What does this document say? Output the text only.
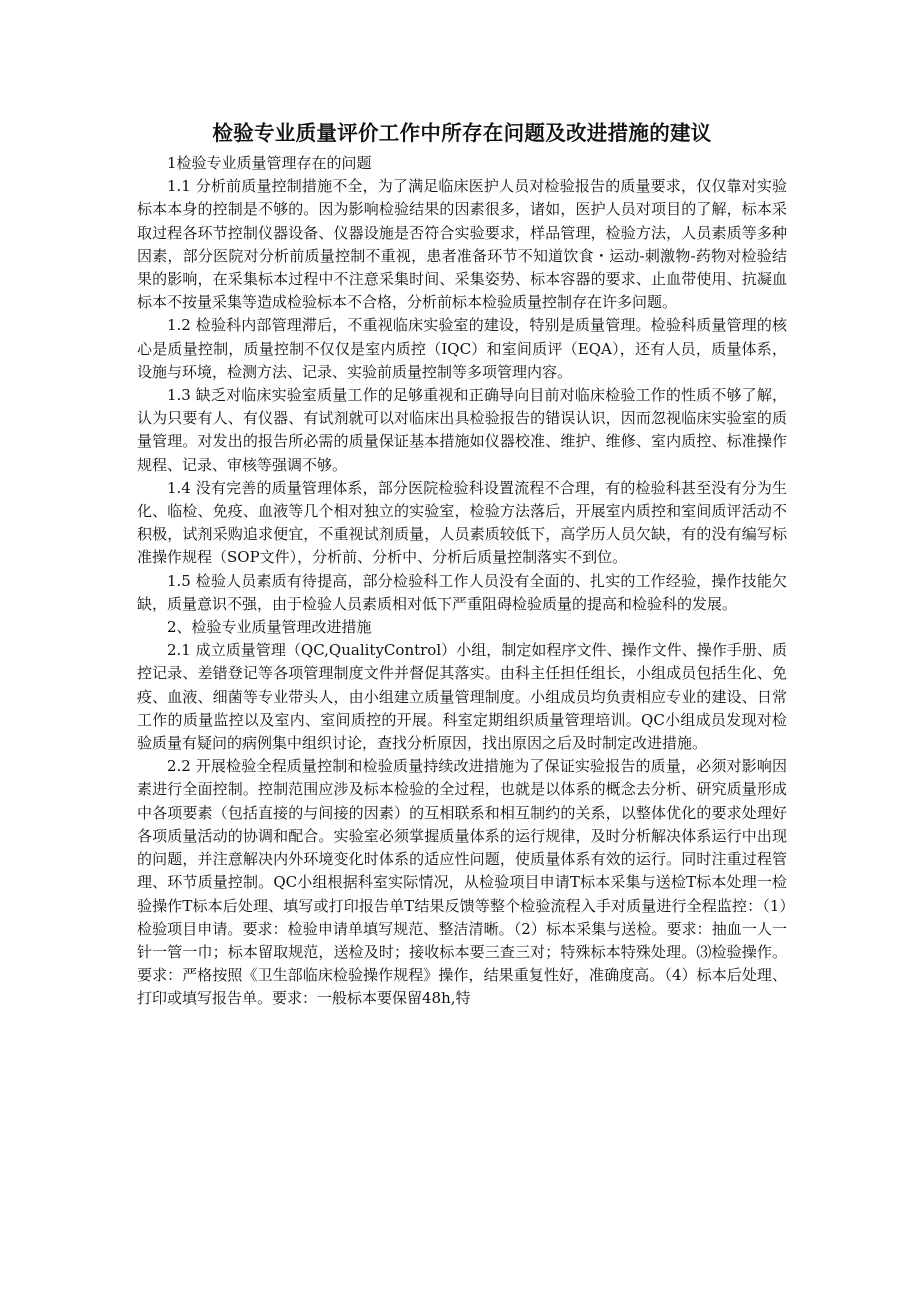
检验专业质量评价工作中所存在问题及改进措施的建议

1检验专业质量管理存在的问题

1.1 分析前质量控制措施不全，为了满足临床医护人员对检验报告的质量要求，仅仅靠对实验标本本身的控制是不够的。因为影响检验结果的因素很多，诸如，医护人员对项目的了解，标本采取过程各环节控制仪器设备、仪器设施是否符合实验要求，样品管理，检验方法，人员素质等多种因素，部分医院对分析前质量控制不重视，患者准备环节不知道饮食・运动-刺激物-药物对检验结果的影响，在采集标本过程中不注意采集时间、采集姿势、标本容器的要求、止血带使用、抗凝血标本不按量采集等造成检验标本不合格，分析前标本检验质量控制存在许多问题。

1.2 检验科内部管理滞后，不重视临床实验室的建设，特别是质量管理。检验科质量管理的核心是质量控制，质量控制不仅仅是室内质控（IQC）和室间质评（EQA），还有人员，质量体系，设施与环境，检测方法、记录、实验前质量控制等多项管理内容。

1.3 缺乏对临床实验室质量工作的足够重视和正确导向目前对临床检验工作的性质不够了解，认为只要有人、有仪器、有试剂就可以对临床出具检验报告的错误认识，因而忽视临床实验室的质量管理。对发出的报告所必需的质量保证基本措施如仪器校准、维护、维修、室内质控、标准操作规程、记录、审核等强调不够。

1.4 没有完善的质量管理体系，部分医院检验科设置流程不合理，有的检验科甚至没有分为生化、临检、免疫、血液等几个相对独立的实验室，检验方法落后，开展室内质控和室间质评活动不积极，试剂采购追求便宜，不重视试剂质量，人员素质较低下，高学历人员欠缺，有的没有编写标准操作规程（SOP文件），分析前、分析中、分析后质量控制落实不到位。

1.5 检验人员素质有待提高，部分检验科工作人员没有全面的、扎实的工作经验，操作技能欠缺，质量意识不强，由于检验人员素质相对低下严重阻碍检验质量的提高和检验科的发展。

2、检验专业质量管理改进措施

2.1 成立质量管理（QC,QualityControl）小组，制定如程序文件、操作文件、操作手册、质控记录、差错登记等各项管理制度文件并督促其落实。由科主任担任组长，小组成员包括生化、免疫、血液、细菌等专业带头人，由小组建立质量管理制度。小组成员均负责相应专业的建设、日常工作的质量监控以及室内、室间质控的开展。科室定期组织质量管理培训。QC小组成员发现对检验质量有疑问的病例集中组织讨论，查找分析原因，找出原因之后及时制定改进措施。

2.2 开展检验全程质量控制和检验质量持续改进措施为了保证实验报告的质量，必须对影响因素进行全面控制。控制范围应涉及标本检验的全过程，也就是以体系的概念去分析、研究质量形成中各项要素（包括直接的与间接的因素）的互相联系和相互制约的关系，以整体优化的要求处理好各项质量活动的协调和配合。实验室必须掌握质量体系的运行规律，及时分析解决体系运行中出现的问题，并注意解决内外环境变化时体系的适应性问题，使质量体系有效的运行。同时注重过程管理、环节质量控制。QC小组根据科室实际情况，从检验项目申请T标本采集与送检T标本处理一检验操作T标本后处理、填写或打印报告单T结果反馈等整个检验流程入手对质量进行全程监控：（1）检验项目申请。要求：检验申请单填写规范、整洁清晰。（2）标本采集与送检。要求：抽血一人一针一管一巾；标本留取规范，送检及时；接收标本要三查三对；特殊标本特殊处理。⑶检验操作。要求：严格按照《卫生部临床检验操作规程》操作，结果重复性好，准确度高。（4）标本后处理、打印或填写报告单。要求：一般标本要保留48h,特
